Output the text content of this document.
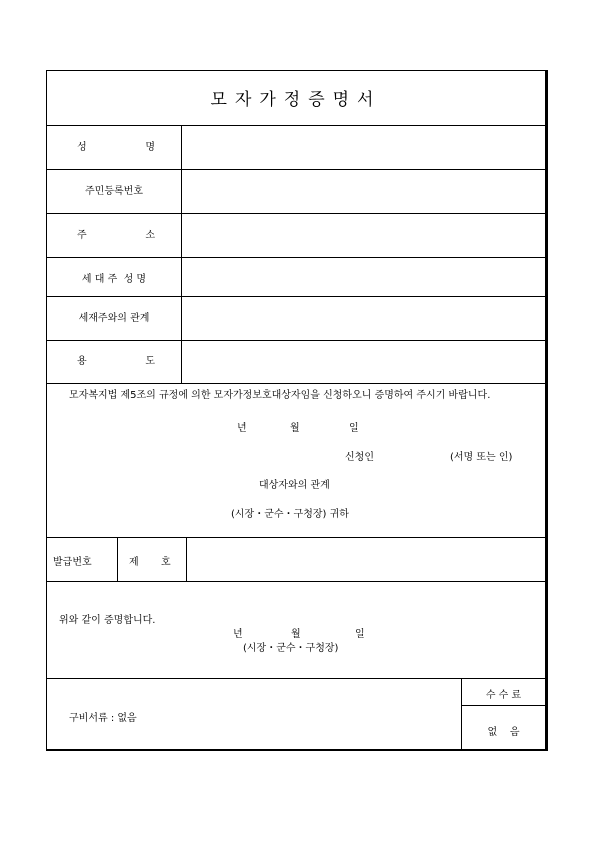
모자가정증명서
성	명
주민등록번호
주	소
세 대 주  성 명
세재주와의 관계
용	도
모자복지법 제5조의 규정에 의한 모자가정보호대상자임을 신청하오니 증명하여 주시기 바랍니다.
년	월	일
신청인	(서명 또는 인)
대상자와의 관계
(시장・군수・구청장) 귀하
발급번호	제 호
위와 같이 증명합니다.
년	월	일
(시장・군수・구청장)
구비서류 : 없음
수 수 료
없    음
